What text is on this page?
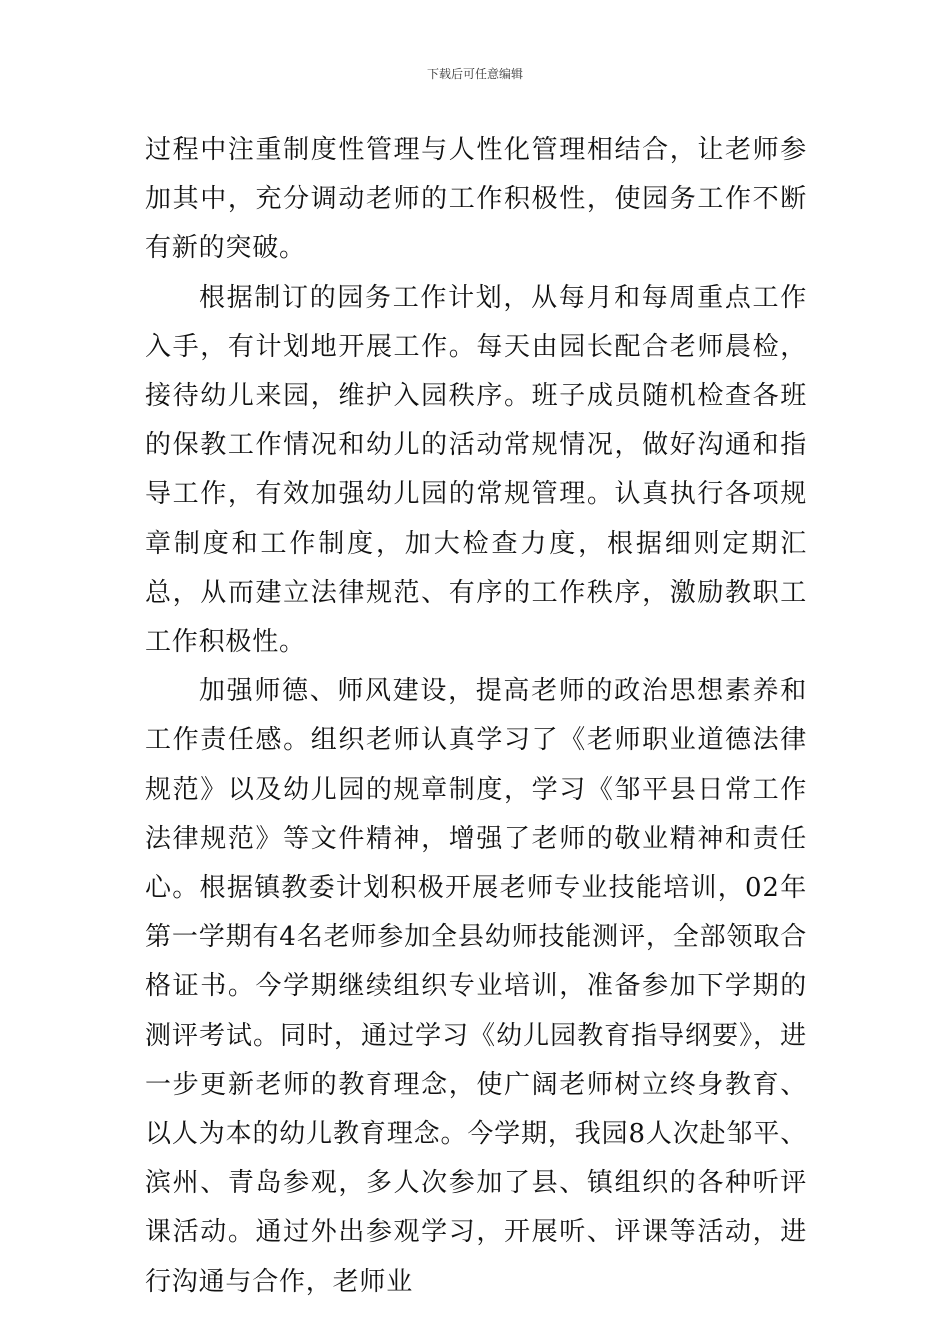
下载后可任意编辑

过程中注重制度性管理与人性化管理相结合，让老师参加其中，充分调动老师的工作积极性，使园务工作不断有新的突破。

根据制订的园务工作计划，从每月和每周重点工作入手，有计划地开展工作。每天由园长配合老师晨检，接待幼儿来园，维护入园秩序。班子成员随机检查各班的保教工作情况和幼儿的活动常规情况，做好沟通和指导工作，有效加强幼儿园的常规管理。认真执行各项规章制度和工作制度，加大检查力度，根据细则定期汇总，从而建立法律规范、有序的工作秩序，激励教职工工作积极性。

加强师德、师风建设，提高老师的政治思想素养和工作责任感。组织老师认真学习了《老师职业道德法律规范》以及幼儿园的规章制度，学习《邹平县日常工作法律规范》等文件精神，增强了老师的敬业精神和责任心。根据镇教委计划积极开展老师专业技能培训，02年第一学期有4名老师参加全县幼师技能测评，全部领取合格证书。今学期继续组织专业培训，准备参加下学期的测评考试。同时，通过学习《幼儿园教育指导纲要》，进一步更新老师的教育理念，使广阔老师树立终身教育、以人为本的幼儿教育理念。今学期，我园8人次赴邹平、滨州、青岛参观，多人次参加了县、镇组织的各种听评课活动。通过外出参观学习，开展听、评课等活动，进行沟通与合作，老师业
